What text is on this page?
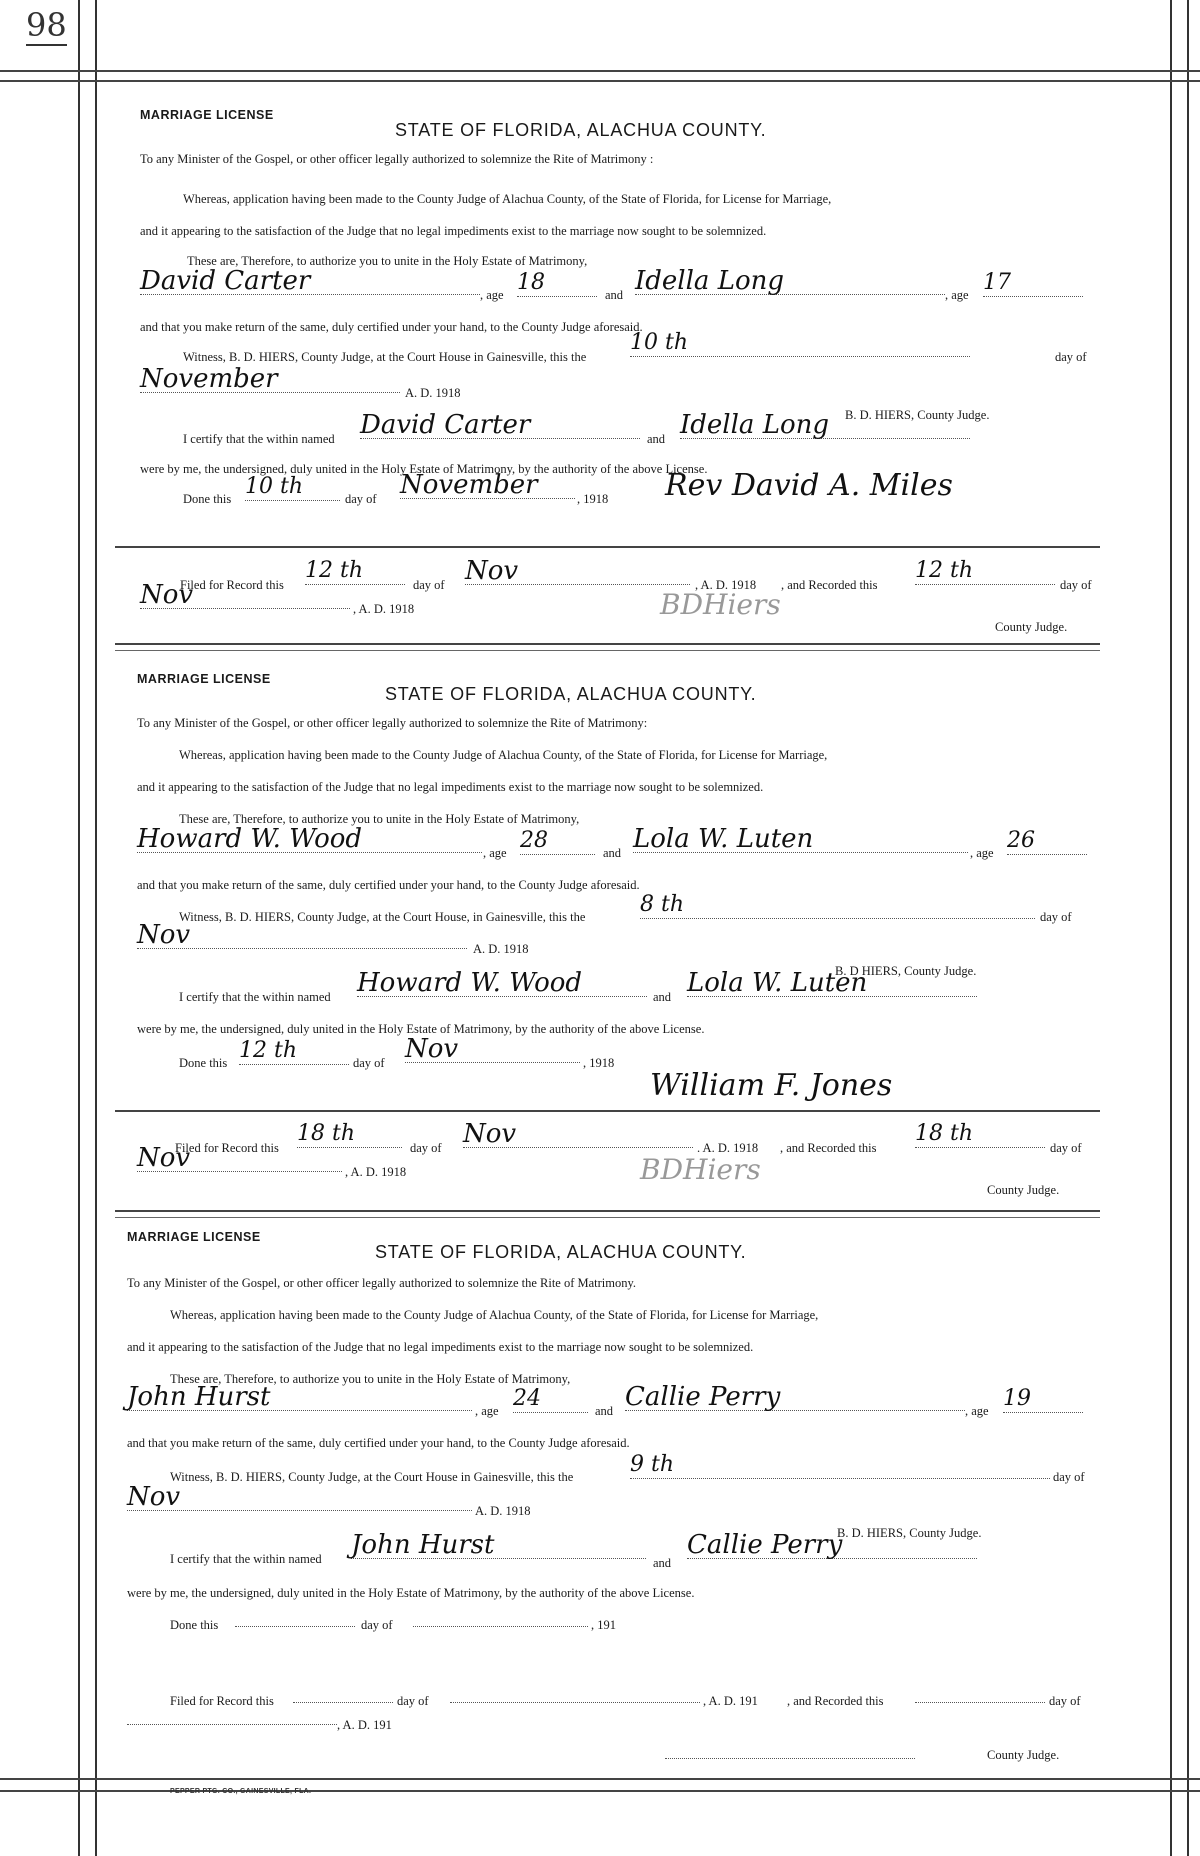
98
MARRIAGE LICENSE
STATE OF FLORIDA, ALACHUA COUNTY.
To any Minister of the Gospel, or other officer legally authorized to solemnize the Rite of Matrimony :
Whereas, application having been made to the County Judge of Alachua County, of the State of Florida, for License for Marriage,
and it appearing to the satisfaction of the Judge that no legal impediments exist to the marriage now sought to be solemnized.
These are, Therefore, to authorize you to unite in the Holy Estate of Matrimony,
David Carter	, age 18	and Idella Long	, age 17
and that you make return of the same, duly certified under your hand, to the County Judge aforesaid.
Witness, B. D. HIERS, County Judge, at the Court House in Gainesville, this the
10 th
day of
November	A. D. 1918
B. D. HIERS, County Judge.
I certify that the within named David Carter	and Idella Long
were by me, the undersigned, duly united in the Holy Estate of Matrimony, by the authority of the above License.
Done this 10 th	day of November	, 1918 Rev David A. Miles
Filed for Record this
12 th
day of Nov	, A. D. 1918 , and Recorded this
12 th
day of
Nov	, A. D. 1918	BDHiers
County Judge.
MARRIAGE LICENSE
STATE OF FLORIDA, ALACHUA COUNTY.
To any Minister of the Gospel, or other officer legally authorized to solemnize the Rite of Matrimony:
Whereas, application having been made to the County Judge of Alachua County, of the State of Florida, for License for Marriage,
and it appearing to the satisfaction of the Judge that no legal impediments exist to the marriage now sought to be solemnized.
These are, Therefore, to authorize you to unite in the Holy Estate of Matrimony,
Howard W. Wood	, age 28	and Lola W. Luten	, age 26
and that you make return of the same, duly certified under your hand, to the County Judge aforesaid.
Witness, B. D. HIERS, County Judge, at the Court House, in Gainesville, this the 8 th	day of
Nov	A. D. 1918
B. D HIERS, County Judge.
I certify that the within named Howard W. Wood	and Lola W. Luten
were by me, the undersigned, duly united in the Holy Estate of Matrimony, by the authority of the above License.
Done this 12 th	day of Nov	, 1918
William F. Jones
Filed for Record this
18 th
day of Nov	. A. D. 1918 , and Recorded this
18 th
day of
Nov	, A. D. 1918	BDHiers
County Judge.
MARRIAGE LICENSE
STATE OF FLORIDA, ALACHUA COUNTY.
To any Minister of the Gospel, or other officer legally authorized to solemnize the Rite of Matrimony.
Whereas, application having been made to the County Judge of Alachua County, of the State of Florida, for License for Marriage,
and it appearing to the satisfaction of the Judge that no legal impediments exist to the marriage now sought to be solemnized.
These are, Therefore, to authorize you to unite in the Holy Estate of Matrimony,
John Hurst	, age 24	and Callie Perry	, age 19
and that you make return of the same, duly certified under your hand, to the County Judge aforesaid.
Witness, B. D. HIERS, County Judge, at the Court House in Gainesville, this the	9 th	day of
Nov	A. D. 1918
B. D. HIERS, County Judge.
I certify that the within named John Hurst
and
Callie Perry
were by me, the undersigned, duly united in the Holy Estate of Matrimony, by the authority of the above License.
Done this	day of	, 191
Filed for Record this	day of	, A. D. 191 , and Recorded this	day of
, A. D. 191
County Judge.
PEPPER PTG. CO., GAINESVILLE, FLA.
